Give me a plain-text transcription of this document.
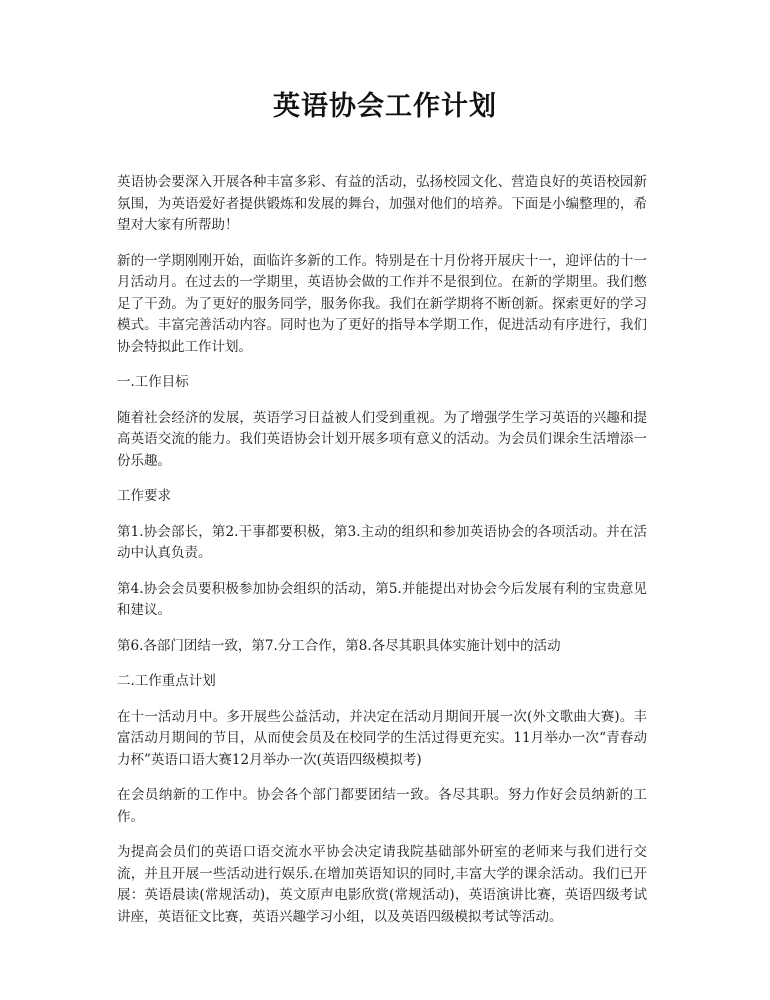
英语协会工作计划

英语协会要深入开展各种丰富多彩、有益的活动，弘扬校园文化、营造良好的英语校园新氛围，为英语爱好者提供锻炼和发展的舞台，加强对他们的培养。下面是小编整理的，希望对大家有所帮助！

新的一学期刚刚开始，面临许多新的工作。特别是在十月份将开展庆十一，迎评估的十一月活动月。在过去的一学期里，英语协会做的工作并不是很到位。在新的学期里。我们憋足了干劲。为了更好的服务同学，服务你我。我们在新学期将不断创新。探索更好的学习模式。丰富完善活动内容。同时也为了更好的指导本学期工作，促进活动有序进行，我们协会特拟此工作计划。

一.工作目标

随着社会经济的发展，英语学习日益被人们受到重视。为了增强学生学习英语的兴趣和提高英语交流的能力。我们英语协会计划开展多项有意义的活动。为会员们课余生活增添一份乐趣。

工作要求

第1.协会部长，第2.干事都要积极，第3.主动的组织和参加英语协会的各项活动。并在活动中认真负责。

第4.协会会员要积极参加协会组织的活动，第5.并能提出对协会今后发展有利的宝贵意见和建议。

第6.各部门团结一致，第7.分工合作，第8.各尽其职具体实施计划中的活动

二.工作重点计划

在十一活动月中。多开展些公益活动，并决定在活动月期间开展一次(外文歌曲大赛)。丰富活动月期间的节目，从而使会员及在校同学的生活过得更充实。11月举办一次“青春动力杯”英语口语大赛12月举办一次(英语四级模拟考)

在会员纳新的工作中。协会各个部门都要团结一致。各尽其职。努力作好会员纳新的工作。

为提高会员们的英语口语交流水平协会决定请我院基础部外研室的老师来与我们进行交流，并且开展一些活动进行娱乐.在增加英语知识的同时,丰富大学的课余活动。我们已开展：英语晨读(常规活动)，英文原声电影欣赏(常规活动)，英语演讲比赛，英语四级考试讲座，英语征文比赛，英语兴趣学习小组，以及英语四级模拟考试等活动。
